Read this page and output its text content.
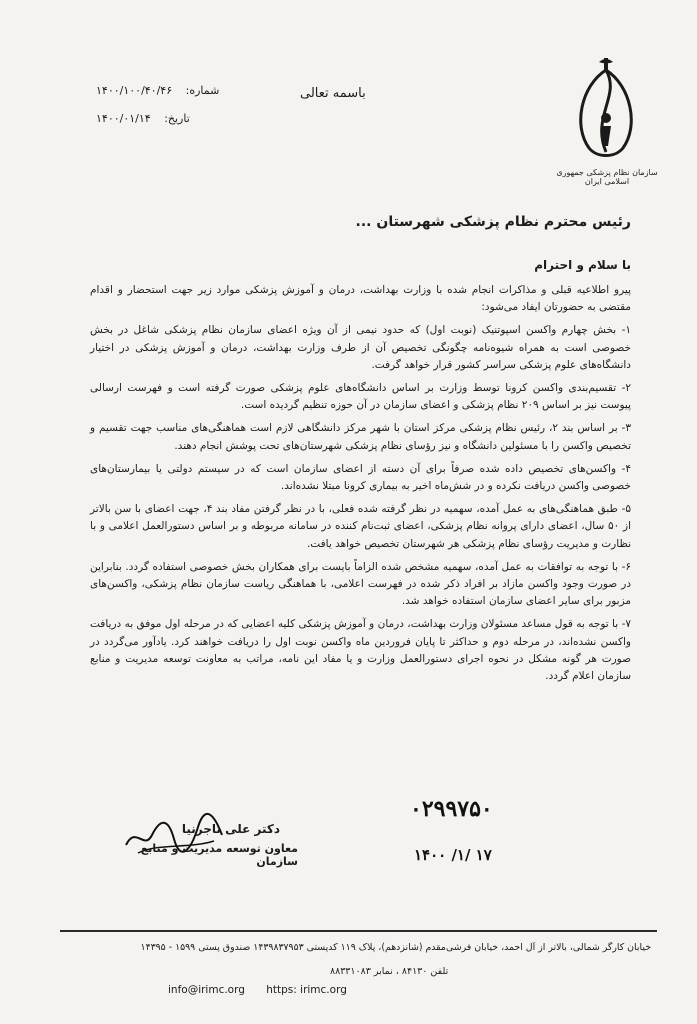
سازمان نظام پزشکی جمهوری اسلامی ایران
باسمه تعالی
شماره: ۱۴۰۰/۱۰۰/۴۰/۴۶
تاریخ: ۱۴۰۰/۰۱/۱۴
رئیس محترم نظام پزشکی شهرستان ...
با سلام و احترام

پیرو اطلاعیه قبلی و مذاکرات انجام شده با وزارت بهداشت، درمان و آموزش پزشکی موارد زیر جهت استحضار و اقدام مقتضی به حضورتان ایفاد می‌شود:

۱- بخش چهارم واکسن اسپوتنیک (نوبت اول) که حدود نیمی از آن ویژه اعضای سازمان نظام پزشکی شاغل در بخش خصوصی است به همراه شیوه‌نامه چگونگی تخصیص آن از طرف وزارت بهداشت، درمان و آموزش پزشکی در اختیار دانشگاه‌های علوم پزشکی سراسر کشور قرار خواهد گرفت.

۲- تقسیم‌بندی واکسن کرونا توسط وزارت بر اساس دانشگاه‌های علوم پزشکی صورت گرفته است و فهرست ارسالی پیوست نیز بر اساس ۲۰۹ نظام پزشکی و اعضای سازمان در آن حوزه تنظیم گردیده است.

۳- بر اساس بند ۲، رئیس نظام پزشکی مرکز استان با شهر مرکز دانشگاهی لازم است هماهنگی‌های مناسب جهت تقسیم و تخصیص واکسن را با مسئولین دانشگاه و نیز رؤسای نظام پزشکی شهرستان‌های تحت پوشش انجام دهند.

۴- واکسن‌های تخصیص داده شده صرفاً برای آن دسته از اعضای سازمان است که در سیستم دولتی یا بیمارستان‌های خصوصی واکسن دریافت نکرده و در شش‌ماه اخیر به بیماری کرونا مبتلا نشده‌اند.

۵- طبق هماهنگی‌های به عمل آمده، سهمیه در نظر گرفته شده فعلی، با در نظر گرفتن مفاد بند ۴، جهت اعضای با سن بالاتر از ۵۰ سال، اعضای دارای پروانه نظام پزشکی، اعضای ثبت‌نام کننده در سامانه مربوطه و بر اساس دستورالعمل اعلامی و با نظارت و مدیریت رؤسای نظام پزشکی هر شهرستان تخصیص خواهد یافت.

۶- با توجه به توافقات به عمل آمده، سهمیه مشخص شده الزاماً بایست برای همکاران بخش خصوصی استفاده گردد. بنابراین در صورت وجود واکسن مازاد بر افراد ذکر شده در فهرست اعلامی، با هماهنگی ریاست سازمان نظام پزشکی، واکسن‌های مزبور برای سایر اعضای سازمان استفاده خواهد شد.

۷- با توجه به قول مساعد مسئولان وزارت بهداشت، درمان و آموزش پزشکی کلیه اعضایی که در مرحله اول موفق به دریافت واکسن نشده‌اند، در مرحله دوم و حداکثر تا پایان فروردین ماه واکسن نوبت اول را دریافت خواهند کرد. یادآور می‌گردد در صورت هر گونه مشکل در نحوه اجرای دستورالعمل وزارت و یا مفاد این نامه، مراتب به معاونت توسعه مدیریت و منابع سازمان اعلام گردد.

۰۲۹۹۷۵۰
۱۴۰۰ /۱/ ۱۷
دکتر علی تاجرنیا
معاون توسعه مدیریت و منابع سازمان
خیابان کارگر شمالی، بالاتر از آل احمد، خیابان فرشی‌مقدم (شانزدهم)، پلاک ۱۱۹ کدپستی ۱۴۳۹۸۳۷۹۵۳ صندوق پستی ۱۵۹۹ - ۱۴۳۹۵
تلفن ۸۴۱۳۰ ، نمابر ۸۸۳۳۱۰۸۳
info@irimc.org https: irimc.org
